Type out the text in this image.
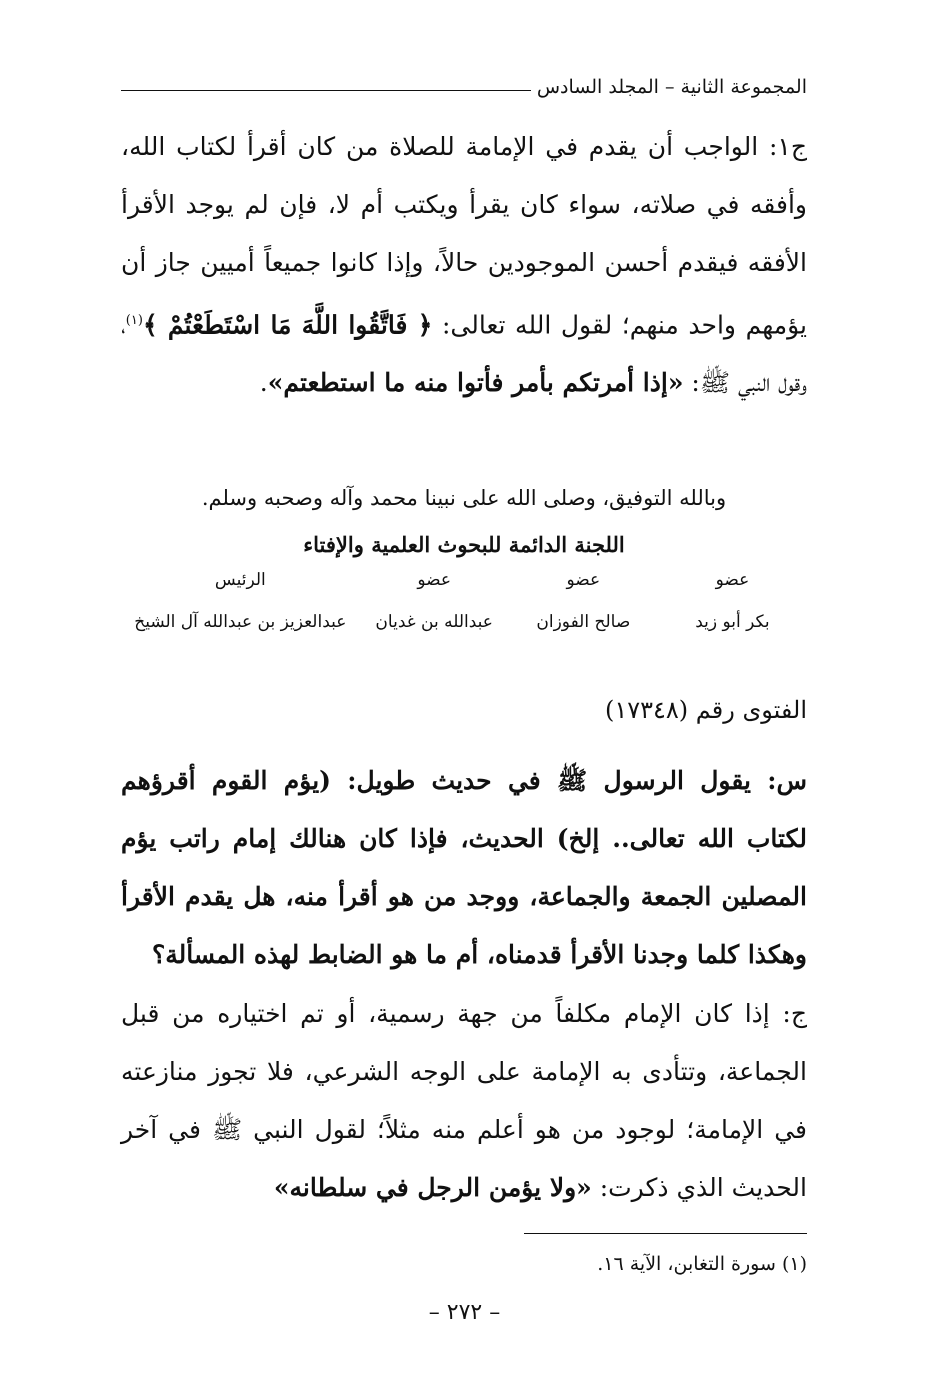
المجموعة الثانية – المجلد السادس
ج١: الواجب أن يقدم في الإمامة للصلاة من كان أقرأ لكتاب الله، وأفقه في صلاته، سواء كان يقرأ ويكتب أم لا، فإن لم يوجد الأقرأ الأفقه فيقدم أحسن الموجودين حالاً، وإذا كانوا جميعاً أميين جاز أن يؤمهم واحد منهم؛ لقول الله تعالى: ﴿ فَاتَّقُوا اللَّهَ مَا اسْتَطَعْتُمْ ﴾$^{(١)}$، وقول النبي ﷺ: «إذا أمرتكم بأمر فأتوا منه ما استطعتم».
وبالله التوفيق، وصلى الله على نبينا محمد وآله وصحبه وسلم.
اللجنة الدائمة للبحوث العلمية والإفتاء
عضو
عضو
عضو
الرئيس
بكر أبو زيد
صالح الفوزان
عبدالله بن غديان
عبدالعزيز بن عبدالله آل الشيخ
الفتوى رقم (١٧٣٤٨)
س: يقول الرسول ﷺ في حديث طويل: (يؤم القوم أقرؤهم لكتاب الله تعالى.. إلخ) الحديث، فإذا كان هنالك إمام راتب يؤم المصلين الجمعة والجماعة، ووجد من هو أقرأ منه، هل يقدم الأقرأ وهكذا كلما وجدنا الأقرأ قدمناه، أم ما هو الضابط لهذه المسألة؟
ج: إذا كان الإمام مكلفاً من جهة رسمية، أو تم اختياره من قبل الجماعة، وتتأدى به الإمامة على الوجه الشرعي، فلا تجوز منازعته في الإمامة؛ لوجود من هو أعلم منه مثلاً؛ لقول النبي ﷺ في آخر الحديث الذي ذكرت: «ولا يؤمن الرجل في سلطانه»
(١) سورة التغابن، الآية ١٦.
– ٢٧٢ –
